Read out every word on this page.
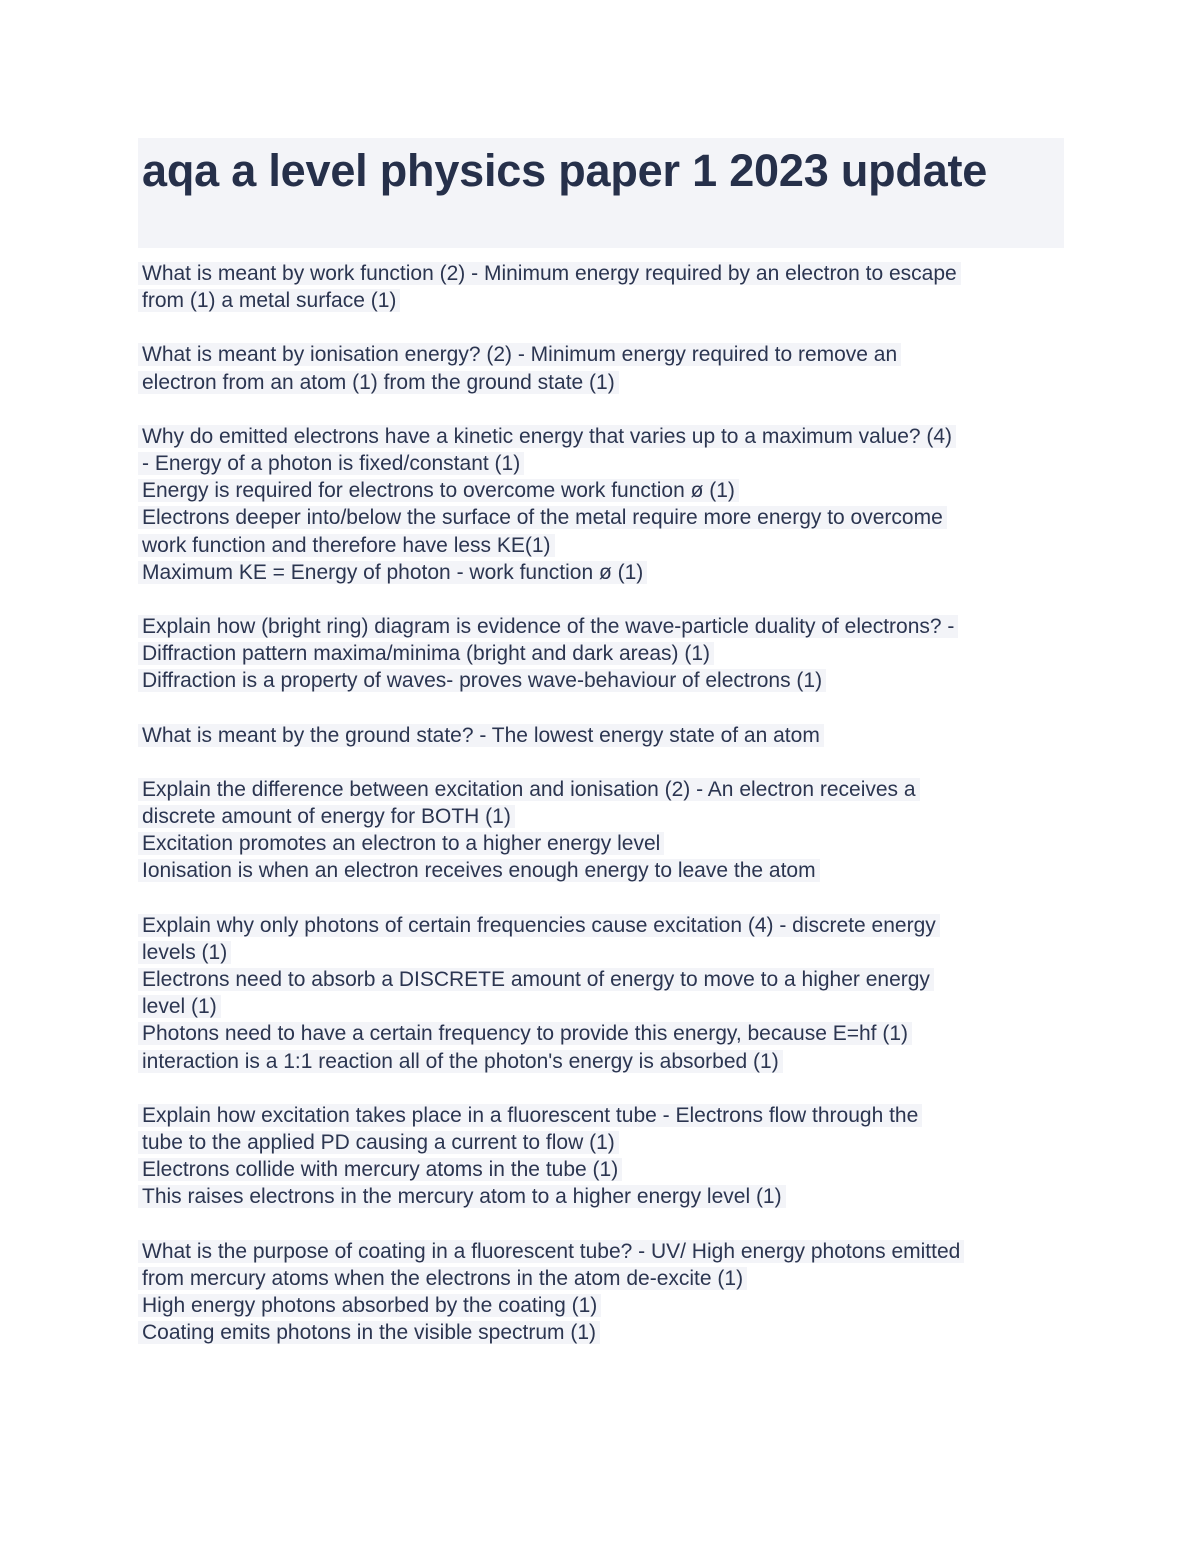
aqa a level physics paper 1 2023 update
What is meant by work function (2) - Minimum energy required by an electron to escape
from (1) a metal surface (1)
What is meant by ionisation energy? (2) - Minimum energy required to remove an
electron from an atom (1) from the ground state (1)
Why do emitted electrons have a kinetic energy that varies up to a maximum value? (4)
- Energy of a photon is fixed/constant (1)
Energy is required for electrons to overcome work function ø (1)
Electrons deeper into/below the surface of the metal require more energy to overcome
work function and therefore have less KE(1)
Maximum KE = Energy of photon - work function ø (1)
Explain how (bright ring) diagram is evidence of the wave-particle duality of electrons? -
Diffraction pattern maxima/minima (bright and dark areas) (1)
Diffraction is a property of waves- proves wave-behaviour of electrons (1)
What is meant by the ground state? - The lowest energy state of an atom
Explain the difference between excitation and ionisation (2) - An electron receives a
discrete amount of energy for BOTH (1)
Excitation promotes an electron to a higher energy level
Ionisation is when an electron receives enough energy to leave the atom
Explain why only photons of certain frequencies cause excitation (4) - discrete energy
levels (1)
Electrons need to absorb a DISCRETE amount of energy to move to a higher energy
level (1)
Photons need to have a certain frequency to provide this energy, because E=hf (1)
interaction is a 1:1 reaction all of the photon's energy is absorbed (1)
Explain how excitation takes place in a fluorescent tube - Electrons flow through the
tube to the applied PD causing a current to flow (1)
Electrons collide with mercury atoms in the tube (1)
This raises electrons in the mercury atom to a higher energy level (1)
What is the purpose of coating in a fluorescent tube? - UV/ High energy photons emitted
from mercury atoms when the electrons in the atom de-excite (1)
High energy photons absorbed by the coating (1)
Coating emits photons in the visible spectrum (1)
